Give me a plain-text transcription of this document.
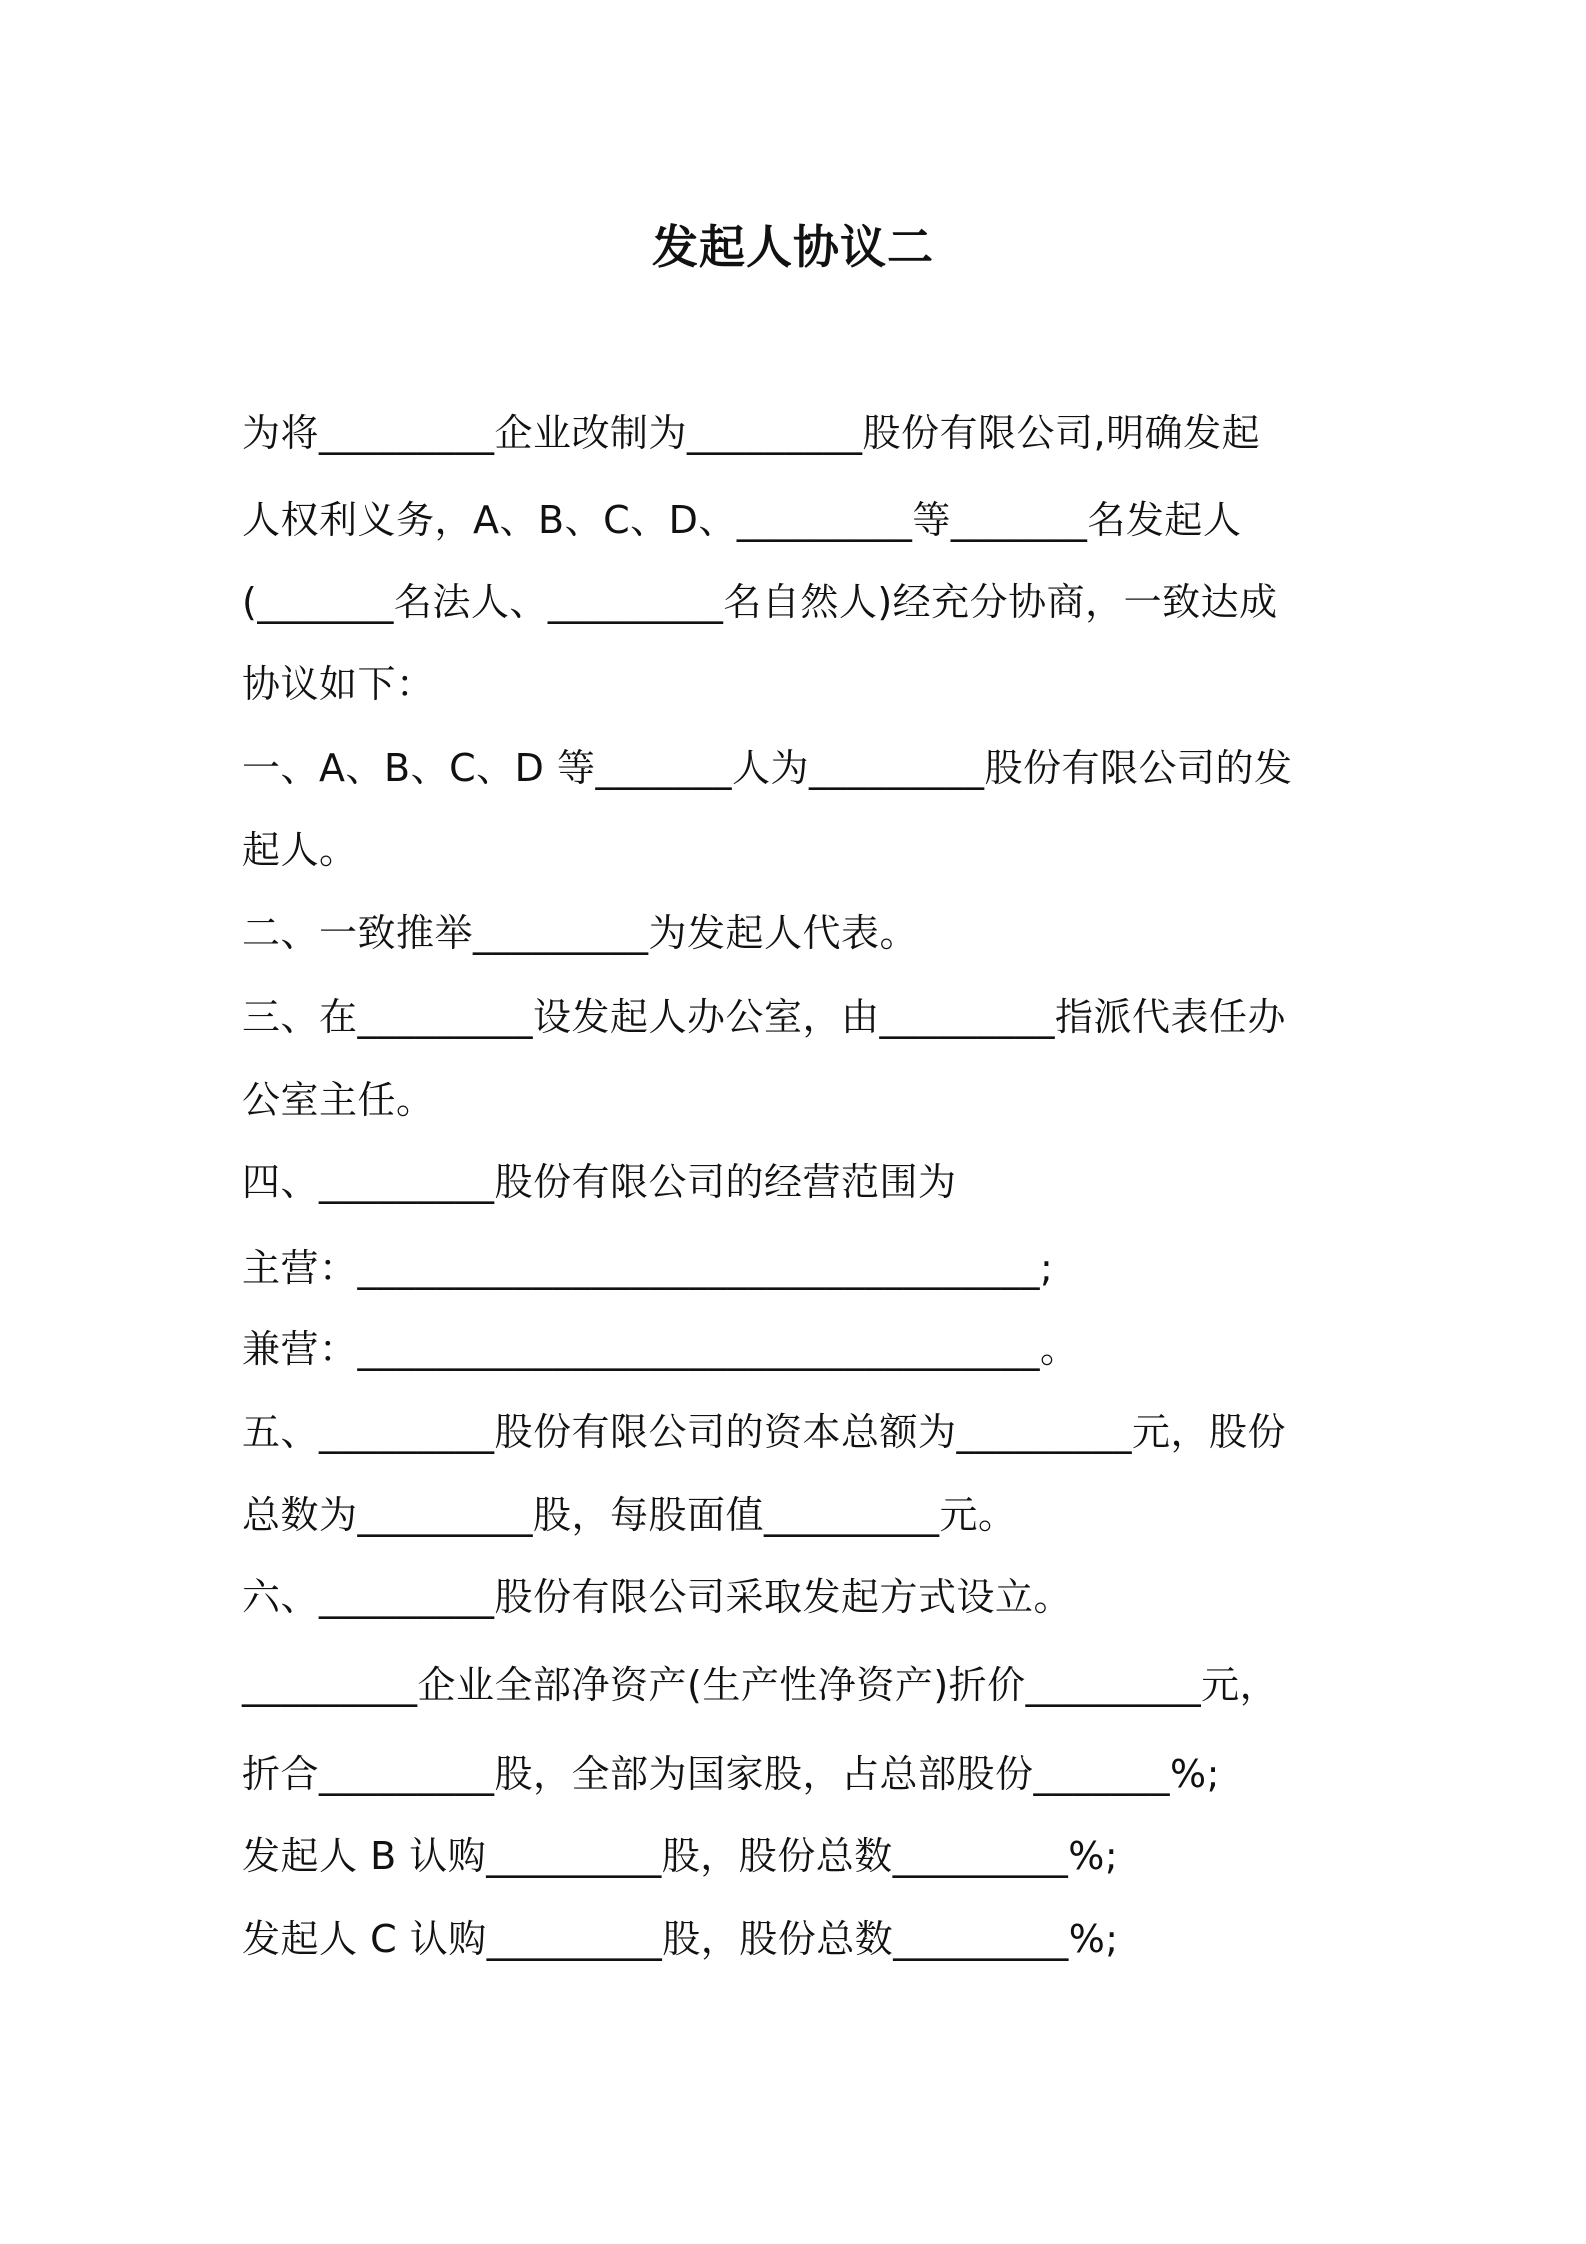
发起人协议二
为将_________企业改制为_________股份有限公司,明确发起
人权利义务，A、B、C、D、_________等_______名发起人
(_______名法人、_________名自然人)经充分协商，一致达成
协议如下：
一、A、B、C、D 等_______人为_________股份有限公司的发
起人。
二、一致推举_________为发起人代表。
三、在_________设发起人办公室，由_________指派代表任办
公室主任。
四、_________股份有限公司的经营范围为
主营：___________________________________;
兼营：___________________________________。
五、_________股份有限公司的资本总额为_________元，股份
总数为_________股，每股面值_________元。
六、_________股份有限公司采取发起方式设立。
_________企业全部净资产(生产性净资产)折价_________元，
折合_________股，全部为国家股，占总部股份_______%;
发起人 B 认购_________股，股份总数_________%;
发起人 C 认购_________股，股份总数_________%;
